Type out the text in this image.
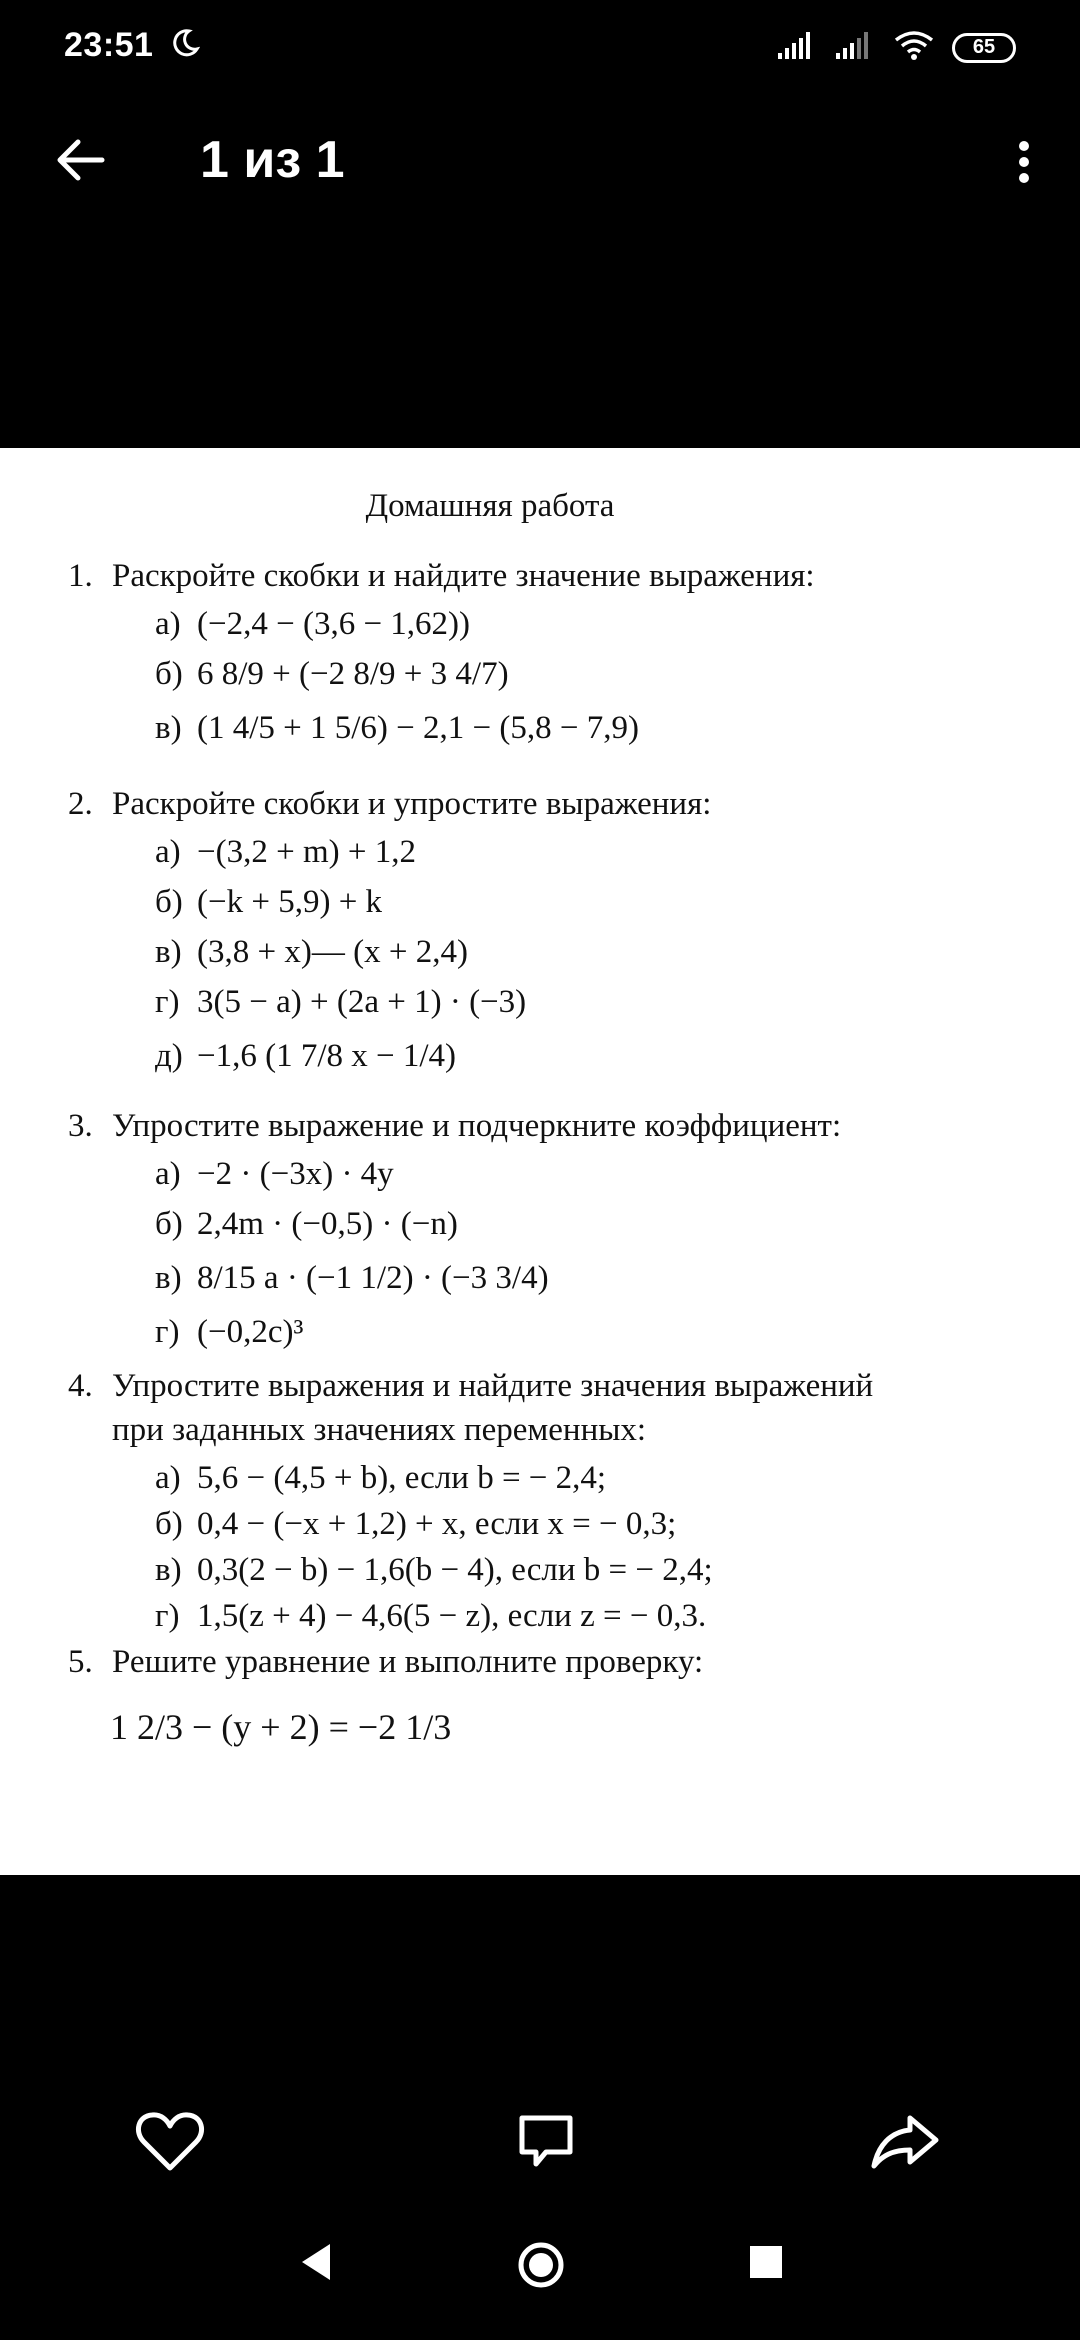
23:51	65
1 из 1
Домашняя работа
1. Раскройте скобки и найдите значение выражения:
а) (−2,4 − (3,6 − 1,62))
б) 6 8/9 + (−2 8/9 + 3 4/7)
в) (1 4/5 + 1 5/6) − 2,1 − (5,8 − 7,9)
2. Раскройте скобки и упростите выражения:
а) −(3,2 + m) + 1,2
б) (−k + 5,9) + k
в) (3,8 + x)— (x + 2,4)
г) 3(5 − a) + (2a + 1) · (−3)
д) −1,6 (1 7/8 x − 1/4)
3. Упростите выражение и подчеркните коэффициент:
а) −2 · (−3x) · 4y
б) 2,4m · (−0,5) · (−n)
в) 8/15 a · (−1 1/2) · (−3 3/4)
г) (−0,2c)³
4. Упростите выражения и найдите значения выражений
при заданных значениях переменных:
а) 5,6 − (4,5 + b), если b = − 2,4;
б) 0,4 − (−x + 1,2) + x, если x = − 0,3;
в) 0,3(2 − b) − 1,6(b − 4), если b = − 2,4;
г) 1,5(z + 4) − 4,6(5 − z), если z = − 0,3.
5. Решите уравнение и выполните проверку:
1 2/3 − (y + 2) = −2 1/3
